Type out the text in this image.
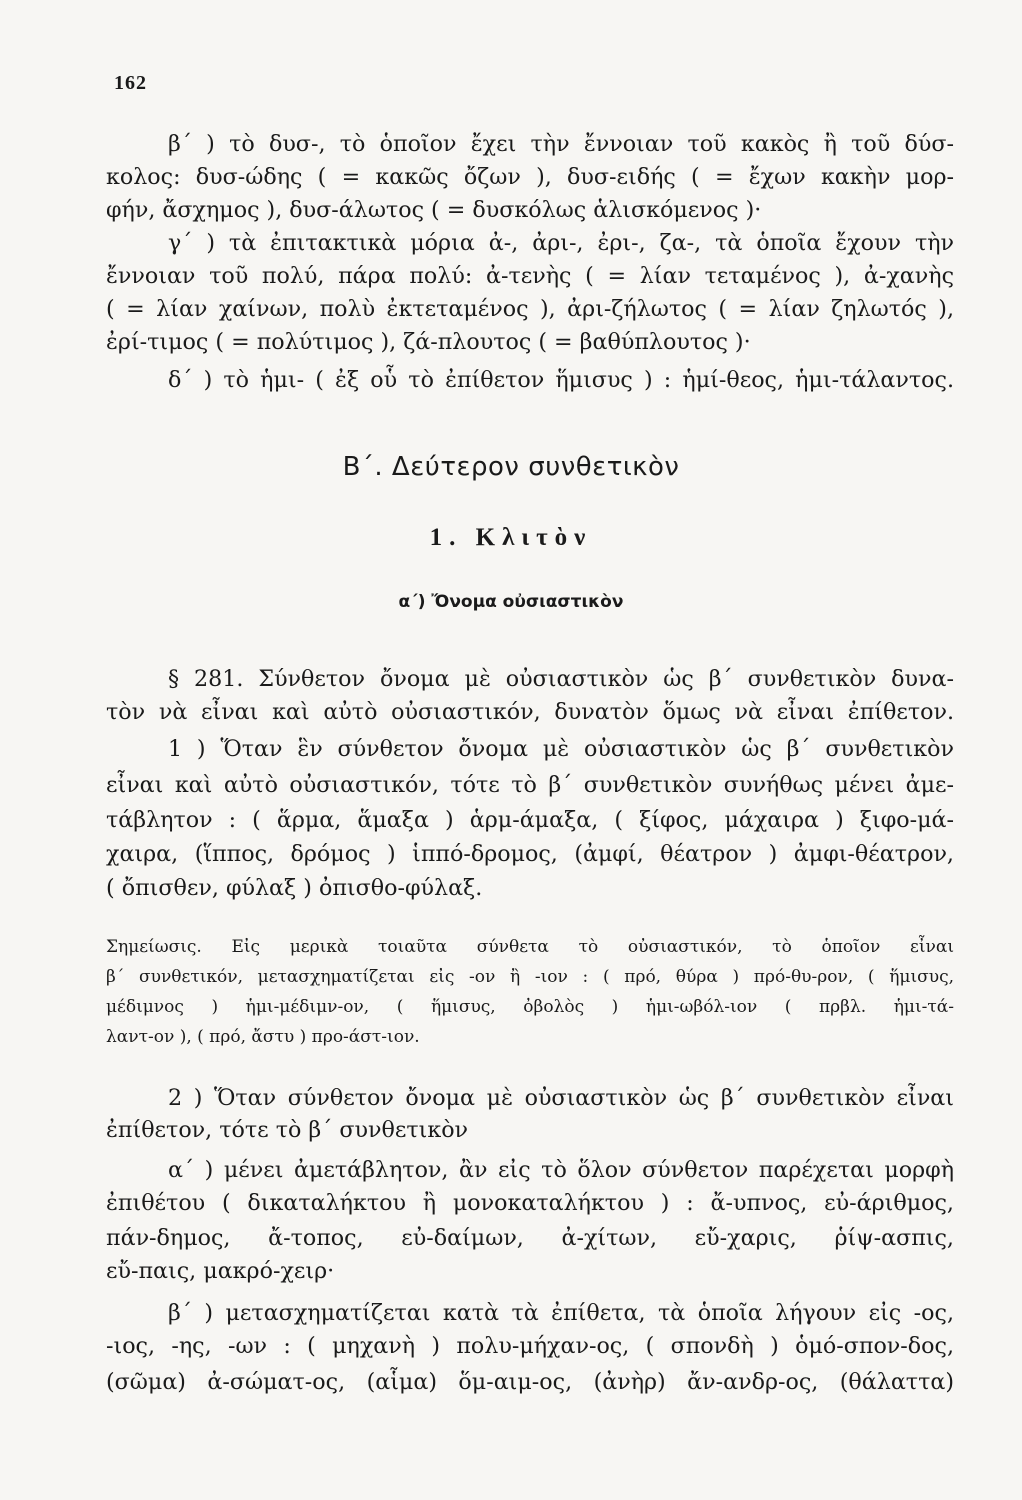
162
β΄ ) τὸ δυσ-, τὸ ὁποῖον ἔχει τὴν ἔννοιαν τοῦ κακὸς ἢ τοῦ δύσ-
κολος: δυσ-ώδης ( = κακῶς ὄζων ), δυσ-ειδής ( = ἔχων κακὴν μορ-
φήν, ἄσχημος ), δυσ-άλωτος ( = δυσκόλως ἁλισκόμενος )·
γ΄ ) τὰ ἐπιτακτικὰ μόρια ἀ-, ἀρι-, ἐρι-, ζα-, τὰ ὁποῖα ἔχουν τὴν
ἔννοιαν τοῦ πολύ, πάρα πολύ: ἀ-τενὴς ( = λίαν τεταμένος ), ἀ-χανὴς
( = λίαν χαίνων, πολὺ ἐκτεταμένος ), ἀρι-ζήλωτος ( = λίαν ζηλωτός ),
ἐρί-τιμος ( = πολύτιμος ), ζά-πλουτος ( = βαθύπλουτος )·
δ΄ ) τὸ ἡμι- ( ἐξ οὗ τὸ ἐπίθετον ἥμισυς ) : ἡμί-θεος, ἡμι-τάλαντος.
Β΄. Δεύτερον συνθετικὸν
1. Κλιτὸν
α΄) Ὄνομα οὐσιαστικὸν
§ 281. Σύνθετον ὄνομα μὲ οὐσιαστικὸν ὡς β΄ συνθετικὸν δυνα-
τὸν νὰ εἶναι καὶ αὐτὸ οὐσιαστικόν, δυνατὸν ὅμως νὰ εἶναι ἐπίθετον.
1 ) Ὅταν ἓν σύνθετον ὄνομα μὲ οὐσιαστικὸν ὡς β΄ συνθετικὸν
εἶναι καὶ αὐτὸ οὐσιαστικόν, τότε τὸ β΄ συνθετικὸν συνήθως μένει ἀμε-
τάβλητον : ( ἅρμα, ἅμαξα ) ἁρμ-άμαξα, ( ξίφος, μάχαιρα ) ξιφο-μά-
χαιρα, (ἵππος, δρόμος ) ἱππό-δρομος, (ἀμφί, θέατρον ) ἀμφι-θέατρον,
( ὄπισθεν, φύλαξ ) ὀπισθο-φύλαξ.
Σημείωσις. Εἰς μερικὰ τοιαῦτα σύνθετα τὸ οὐσιαστικόν, τὸ ὁποῖον εἶναι
β΄ συνθετικόν, μετασχηματίζεται εἰς -ον ἢ -ιον : ( πρό, θύρα ) πρό-θυ-ρον, ( ἥμισυς,
μέδιμνος ) ἡμι-μέδιμν-ον, ( ἥμισυς, ὀβολὸς ) ἡμι-ωβόλ-ιον ( πρβλ. ἡμι-τά-
λαντ-ον ), ( πρό, ἄστυ ) προ-άστ-ιον.
2 ) Ὅταν σύνθετον ὄνομα μὲ οὐσιαστικὸν ὡς β΄ συνθετικὸν εἶναι
ἐπίθετον, τότε τὸ β΄ συνθετικὸν
α΄ ) μένει ἀμετάβλητον, ἂν εἰς τὸ ὅλον σύνθετον παρέχεται μορφὴ
ἐπιθέτου ( δικαταλήκτου ἢ μονοκαταλήκτου ) : ἄ-υπνος, εὐ-άριθμος,
πάν-δημος, ἄ-τοπος, εὐ-δαίμων, ἀ-χίτων, εὔ-χαρις, ῥίψ-ασπις,
εὔ-παις, μακρό-χειρ·
β΄ ) μετασχηματίζεται κατὰ τὰ ἐπίθετα, τὰ ὁποῖα λήγουν εἰς -ος,
-ιος, -ης, -ων : ( μηχανὴ ) πολυ-μήχαν-ος, ( σπονδὴ ) ὁμό-σπον-δος,
(σῶμα) ἀ-σώματ-ος, (αἷμα) ὅμ-αιμ-ος, (ἀνὴρ) ἄν-ανδρ-ος, (θάλαττα)
